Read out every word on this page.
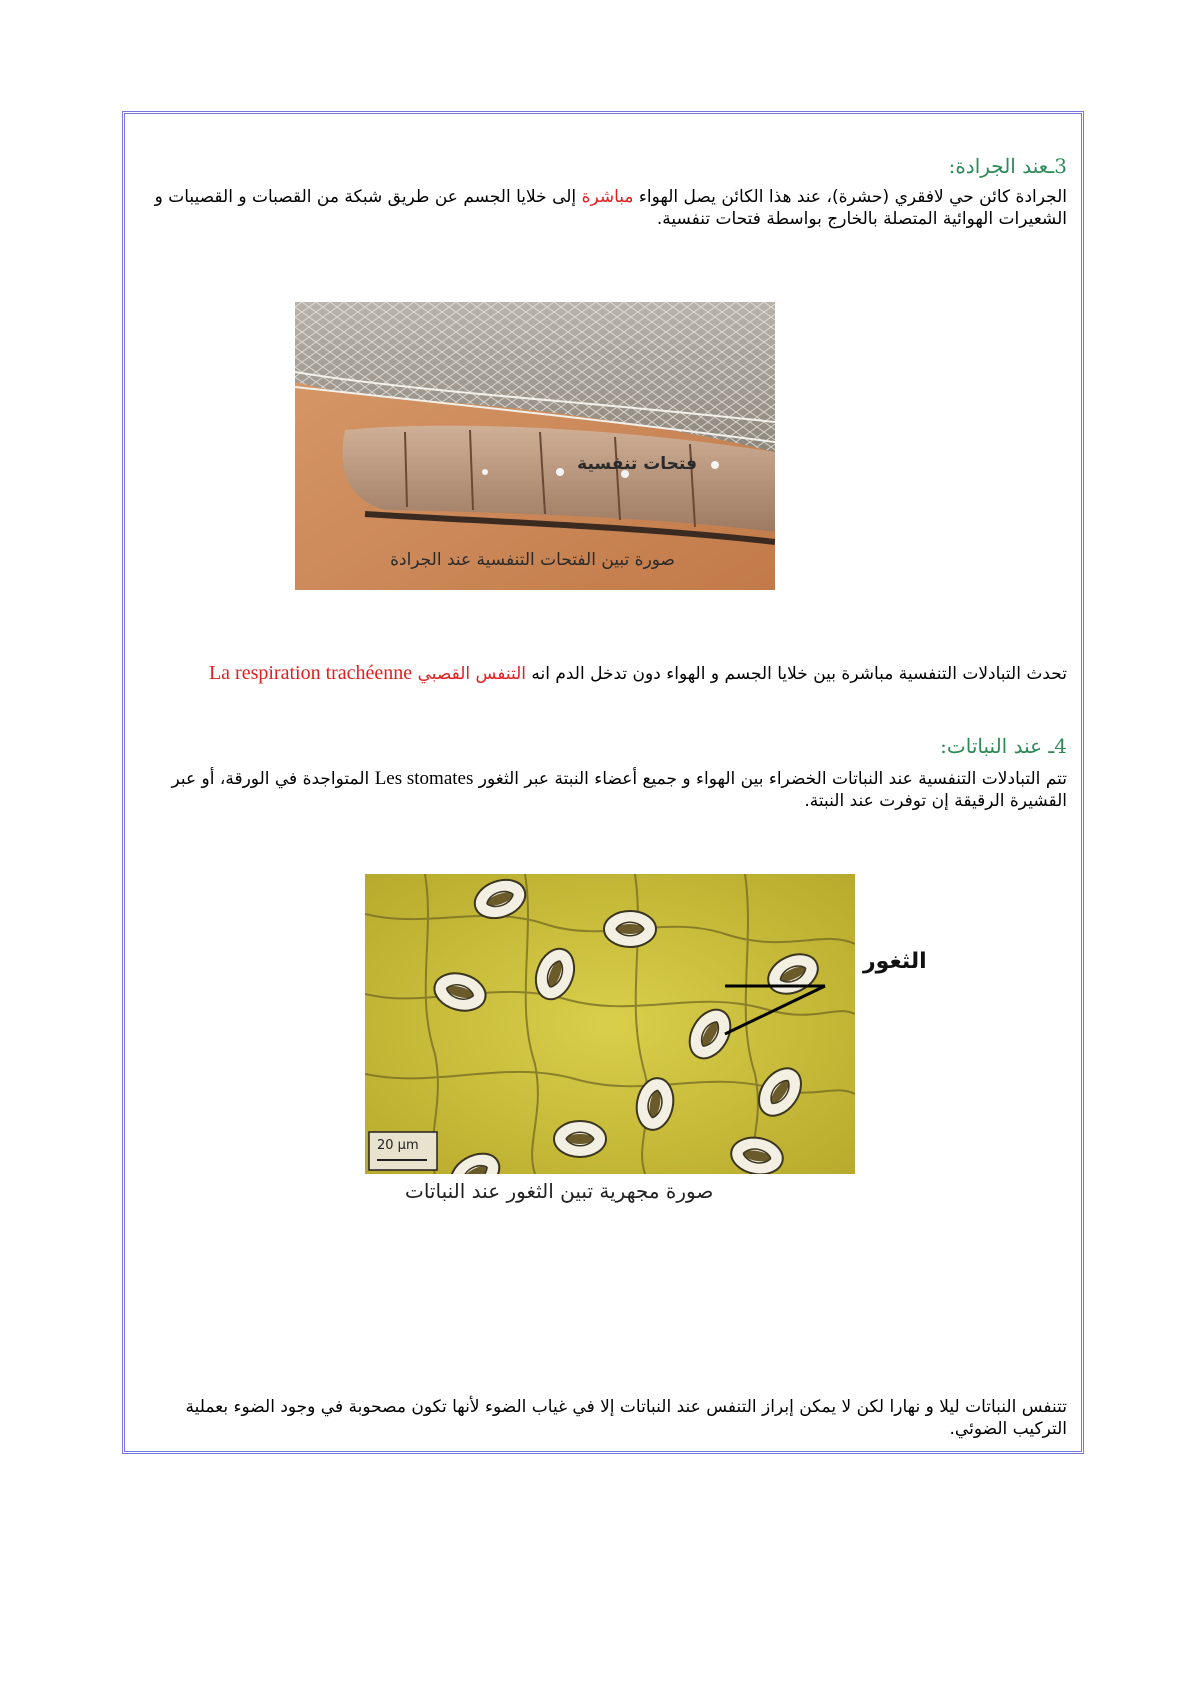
3ـعند الجرادة:
الجرادة كائن حي لافقري (حشرة)، عند هذا الكائن يصل الهواء مباشرة إلى خلايا الجسم عن طريق شبكة من القصبات و القصيبات و الشعيرات الهوائية المتصلة بالخارج بواسطة فتحات تنفسية.
فتحات تنفسية
صورة تبين الفتحات التنفسية عند الجرادة
تحدث التبادلات التنفسية مباشرة بين خلايا الجسم و الهواء دون تدخل الدم انه التنفس القصبي La respiration trachéenne
4ـ عند النباتات:
تتم التبادلات التنفسية عند النباتات الخضراء بين الهواء و جميع أعضاء النبتة عبر الثغور Les stomates المتواجدة في الورقة، أو عبر القشيرة الرقيقة إن توفرت عند النبتة.
20 µm
الثغور
صورة مجهرية تبين الثغور عند النباتات
تتنفس النباتات ليلا و نهارا لكن لا يمكن إبراز التنفس عند النباتات إلا في غياب الضوء لأنها تكون مصحوبة في وجود الضوء بعملية التركيب الضوئي.
